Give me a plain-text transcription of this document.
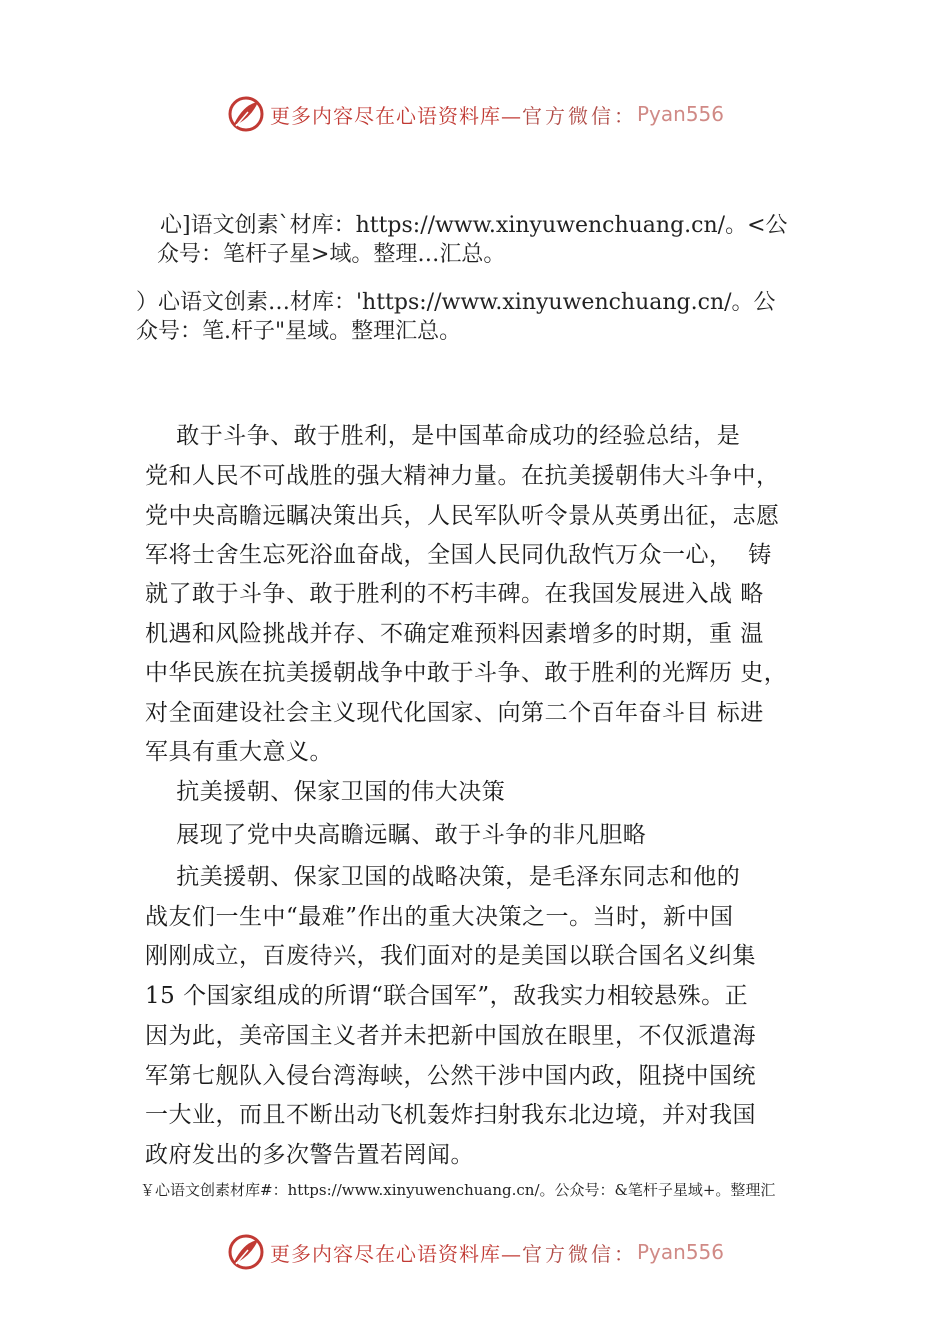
更多内容尽在心语资料库— 官方微信： Pyan556
心]语文创素`材库：https://www.xinyuwenchuang.cn/。<公
众号：笔杆子星>域。整理…汇总。
）心语文创素…材库：'https://www.xinyuwenchuang.cn/。公
众号：笔.杆子"星域。整理汇总。
敢于斗争、敢于胜利，是中国革命成功的经验总结，是
党和人民不可战胜的强大精神力量。在抗美援朝伟大斗争中，
党中央高瞻远瞩决策出兵，人民军队听令景从英勇出征，志愿
军将士舍生忘死浴血奋战，全国人民同仇敌忾万众一心，  铸
就了敢于斗争、敢于胜利的不朽丰碑。在我国发展进入战 略
机遇和风险挑战并存、不确定难预料因素增多的时期，重 温
中华民族在抗美援朝战争中敢于斗争、敢于胜利的光辉历 史，
对全面建设社会主义现代化国家、向第二个百年奋斗目 标进
军具有重大意义。
抗美援朝、保家卫国的伟大决策
展现了党中央高瞻远瞩、敢于斗争的非凡胆略
抗美援朝、保家卫国的战略决策，是毛泽东同志和他的
战友们一生中“最难”作出的重大决策之一。当时，新中国
刚刚成立，百废待兴，我们面对的是美国以联合国名义纠集
15 个国家组成的所谓“联合国军”，敌我实力相较悬殊。正
因为此，美帝国主义者并未把新中国放在眼里，不仅派遣海
军第七舰队入侵台湾海峡，公然干涉中国内政，阻挠中国统
一大业，而且不断出动飞机轰炸扫射我东北边境，并对我国
政府发出的多次警告置若罔闻。
￥心语文创素材库#：https://www.xinyuwenchuang.cn/。公众号：&笔杆子星域+。整理汇
更多内容尽在心语资料库— 官方微信： Pyan556
